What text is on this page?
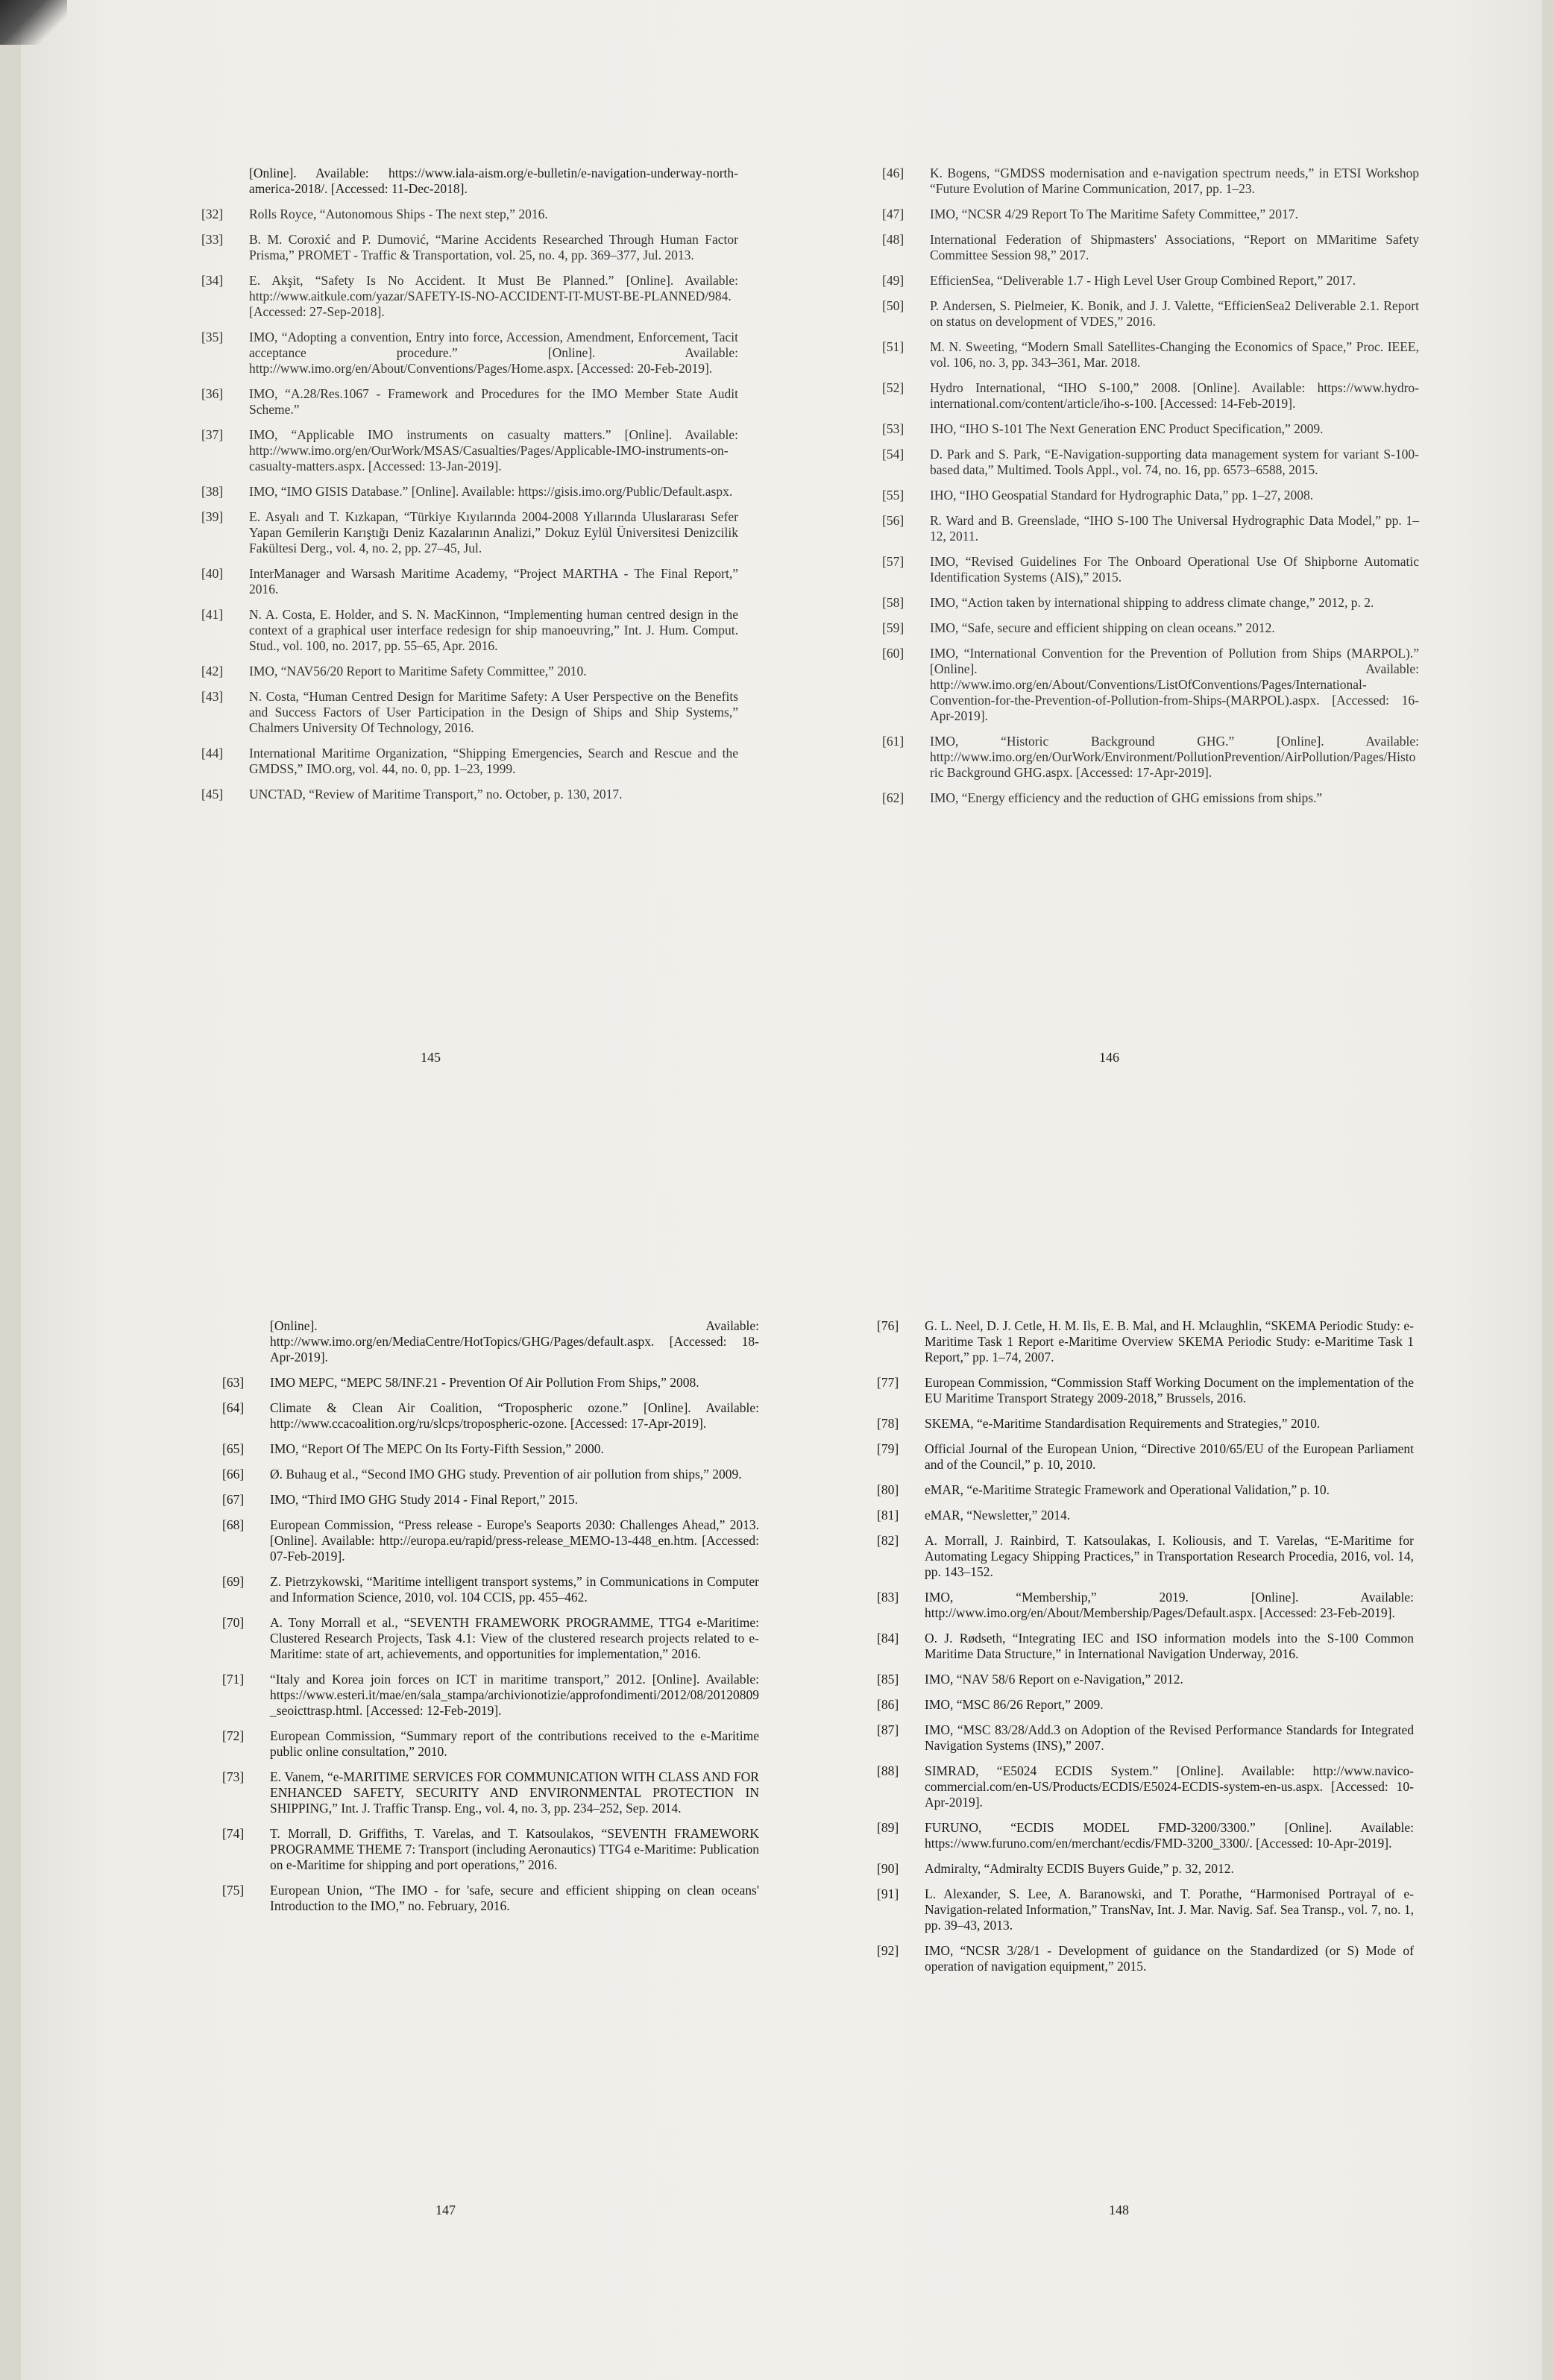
[Online]. Available: https://www.iala-aism.org/e-bulletin/e-navigation-underway-north-america-2018/. [Accessed: 11-Dec-2018].
[32]	Rolls Royce, “Autonomous Ships - The next step,” 2016.
[33]	B. M. Coroxić and P. Dumović, “Marine Accidents Researched Through Human Factor Prisma,” PROMET - Traffic & Transportation, vol. 25, no. 4, pp. 369–377, Jul. 2013.
[34]	E. Akşit, “Safety Is No Accident. It Must Be Planned.” [Online]. Available: http://www.aitkule.com/yazar/SAFETY-IS-NO-ACCIDENT-IT-MUST-BE-PLANNED/984. [Accessed: 27-Sep-2018].
[35]	IMO, “Adopting a convention, Entry into force, Accession, Amendment, Enforcement, Tacit acceptance procedure.” [Online]. Available: http://www.imo.org/en/About/Conventions/Pages/Home.aspx. [Accessed: 20-Feb-2019].
[36]	IMO, “A.28/Res.1067 - Framework and Procedures for the IMO Member State Audit Scheme.”
[37]	IMO, “Applicable IMO instruments on casualty matters.” [Online]. Available: http://www.imo.org/en/OurWork/MSAS/Casualties/Pages/Applicable-IMO-instruments-on-casualty-matters.aspx. [Accessed: 13-Jan-2019].
[38]	IMO, “IMO GISIS Database.” [Online]. Available: https://gisis.imo.org/Public/Default.aspx.
[39]	E. Asyalı and T. Kızkapan, “Türkiye Kıyılarında 2004-2008 Yıllarında Uluslararası Sefer Yapan Gemilerin Karıştığı Deniz Kazalarının Analizi,” Dokuz Eylül Üniversitesi Denizcilik Fakültesi Derg., vol. 4, no. 2, pp. 27–45, Jul.
[40]	InterManager and Warsash Maritime Academy, “Project MARTHA - The Final Report,” 2016.
[41]	N. A. Costa, E. Holder, and S. N. MacKinnon, “Implementing human centred design in the context of a graphical user interface redesign for ship manoeuvring,” Int. J. Hum. Comput. Stud., vol. 100, no. 2017, pp. 55–65, Apr. 2016.
[42]	IMO, “NAV56/20 Report to Maritime Safety Committee,” 2010.
[43]	N. Costa, “Human Centred Design for Maritime Safety: A User Perspective on the Benefits and Success Factors of User Participation in the Design of Ships and Ship Systems,” Chalmers University Of Technology, 2016.
[44]	International Maritime Organization, “Shipping Emergencies, Search and Rescue and the GMDSS,” IMO.org, vol. 44, no. 0, pp. 1–23, 1999.
[45]	UNCTAD, “Review of Maritime Transport,” no. October, p. 130, 2017.
145
[46]	K. Bogens, “GMDSS modernisation and e-navigation spectrum needs,” in ETSI Workshop “Future Evolution of Marine Communication, 2017, pp. 1–23.
[47]	IMO, “NCSR 4/29 Report To The Maritime Safety Committee,” 2017.
[48]	International Federation of Shipmasters' Associations, “Report on MMaritime Safety Committee Session 98,” 2017.
[49]	EfficienSea, “Deliverable 1.7 - High Level User Group Combined Report,” 2017.
[50]	P. Andersen, S. Pielmeier, K. Bonik, and J. J. Valette, “EfficienSea2 Deliverable 2.1. Report on status on development of VDES,” 2016.
[51]	M. N. Sweeting, “Modern Small Satellites-Changing the Economics of Space,” Proc. IEEE, vol. 106, no. 3, pp. 343–361, Mar. 2018.
[52]	Hydro International, “IHO S-100,” 2008. [Online]. Available: https://www.hydro-international.com/content/article/iho-s-100. [Accessed: 14-Feb-2019].
[53]	IHO, “IHO S-101 The Next Generation ENC Product Specification,” 2009.
[54]	D. Park and S. Park, “E-Navigation-supporting data management system for variant S-100-based data,” Multimed. Tools Appl., vol. 74, no. 16, pp. 6573–6588, 2015.
[55]	IHO, “IHO Geospatial Standard for Hydrographic Data,” pp. 1–27, 2008.
[56]	R. Ward and B. Greenslade, “IHO S-100 The Universal Hydrographic Data Model,” pp. 1–12, 2011.
[57]	IMO, “Revised Guidelines For The Onboard Operational Use Of Shipborne Automatic Identification Systems (AIS),” 2015.
[58]	IMO, “Action taken by international shipping to address climate change,” 2012, p. 2.
[59]	IMO, “Safe, secure and efficient shipping on clean oceans.” 2012.
[60]	IMO, “International Convention for the Prevention of Pollution from Ships (MARPOL).” [Online]. Available: http://www.imo.org/en/About/Conventions/ListOfConventions/Pages/International-Convention-for-the-Prevention-of-Pollution-from-Ships-(MARPOL).aspx. [Accessed: 16-Apr-2019].
[61]	IMO, “Historic Background GHG.” [Online]. Available: http://www.imo.org/en/OurWork/Environment/PollutionPrevention/AirPollution/Pages/Historic Background GHG.aspx. [Accessed: 17-Apr-2019].
[62]	IMO, “Energy efficiency and the reduction of GHG emissions from ships.”
146
[Online]. Available: http://www.imo.org/en/MediaCentre/HotTopics/GHG/Pages/default.aspx. [Accessed: 18-Apr-2019].
[63]	IMO MEPC, “MEPC 58/INF.21 - Prevention Of Air Pollution From Ships,” 2008.
[64]	Climate & Clean Air Coalition, “Tropospheric ozone.” [Online]. Available: http://www.ccacoalition.org/ru/slcps/tropospheric-ozone. [Accessed: 17-Apr-2019].
[65]	IMO, “Report Of The MEPC On Its Forty-Fifth Session,” 2000.
[66]	Ø. Buhaug et al., “Second IMO GHG study. Prevention of air pollution from ships,” 2009.
[67]	IMO, “Third IMO GHG Study 2014 - Final Report,” 2015.
[68]	European Commission, “Press release - Europe's Seaports 2030: Challenges Ahead,” 2013. [Online]. Available: http://europa.eu/rapid/press-release_MEMO-13-448_en.htm. [Accessed: 07-Feb-2019].
[69]	Z. Pietrzykowski, “Maritime intelligent transport systems,” in Communications in Computer and Information Science, 2010, vol. 104 CCIS, pp. 455–462.
[70]	A. Tony Morrall et al., “SEVENTH FRAMEWORK PROGRAMME, TTG4 e-Maritime: Clustered Research Projects, Task 4.1: View of the clustered research projects related to e-Maritime: state of art, achievements, and opportunities for implementation,” 2016.
[71]	“Italy and Korea join forces on ICT in maritime transport,” 2012. [Online]. Available: https://www.esteri.it/mae/en/sala_stampa/archivionotizie/approfondimenti/2012/08/20120809_seoicttrasp.html. [Accessed: 12-Feb-2019].
[72]	European Commission, “Summary report of the contributions received to the e-Maritime public online consultation,” 2010.
[73]	E. Vanem, “e-MARITIME SERVICES FOR COMMUNICATION WITH CLASS AND FOR ENHANCED SAFETY, SECURITY AND ENVIRONMENTAL PROTECTION IN SHIPPING,” Int. J. Traffic Transp. Eng., vol. 4, no. 3, pp. 234–252, Sep. 2014.
[74]	T. Morrall, D. Griffiths, T. Varelas, and T. Katsoulakos, “SEVENTH FRAMEWORK PROGRAMME THEME 7: Transport (including Aeronautics) TTG4 e-Maritime: Publication on e-Maritime for shipping and port operations,” 2016.
[75]	European Union, “The IMO - for 'safe, secure and efficient shipping on clean oceans' Introduction to the IMO,” no. February, 2016.
147
[76]	G. L. Neel, D. J. Cetle, H. M. Ils, E. B. Mal, and H. Mclaughlin, “SKEMA Periodic Study: e-Maritime Task 1 Report e-Maritime Overview SKEMA Periodic Study: e-Maritime Task 1 Report,” pp. 1–74, 2007.
[77]	European Commission, “Commission Staff Working Document on the implementation of the EU Maritime Transport Strategy 2009-2018,” Brussels, 2016.
[78]	SKEMA, “e-Maritime Standardisation Requirements and Strategies,” 2010.
[79]	Official Journal of the European Union, “Directive 2010/65/EU of the European Parliament and of the Council,” p. 10, 2010.
[80]	eMAR, “e-Maritime Strategic Framework and Operational Validation,” p. 10.
[81]	eMAR, “Newsletter,” 2014.
[82]	A. Morrall, J. Rainbird, T. Katsoulakas, I. Koliousis, and T. Varelas, “E-Maritime for Automating Legacy Shipping Practices,” in Transportation Research Procedia, 2016, vol. 14, pp. 143–152.
[83]	IMO, “Membership,” 2019. [Online]. Available: http://www.imo.org/en/About/Membership/Pages/Default.aspx. [Accessed: 23-Feb-2019].
[84]	O. J. Rødseth, “Integrating IEC and ISO information models into the S-100 Common Maritime Data Structure,” in International Navigation Underway, 2016.
[85]	IMO, “NAV 58/6 Report on e-Navigation,” 2012.
[86]	IMO, “MSC 86/26 Report,” 2009.
[87]	IMO, “MSC 83/28/Add.3 on Adoption of the Revised Performance Standards for Integrated Navigation Systems (INS),” 2007.
[88]	SIMRAD, “E5024 ECDIS System.” [Online]. Available: http://www.navico-commercial.com/en-US/Products/ECDIS/E5024-ECDIS-system-en-us.aspx. [Accessed: 10-Apr-2019].
[89]	FURUNO, “ECDIS MODEL FMD-3200/3300.” [Online]. Available: https://www.furuno.com/en/merchant/ecdis/FMD-3200_3300/. [Accessed: 10-Apr-2019].
[90]	Admiralty, “Admiralty ECDIS Buyers Guide,” p. 32, 2012.
[91]	L. Alexander, S. Lee, A. Baranowski, and T. Porathe, “Harmonised Portrayal of e-Navigation-related Information,” TransNav, Int. J. Mar. Navig. Saf. Sea Transp., vol. 7, no. 1, pp. 39–43, 2013.
[92]	IMO, “NCSR 3/28/1 - Development of guidance on the Standardized (or S) Mode of operation of navigation equipment,” 2015.
148
